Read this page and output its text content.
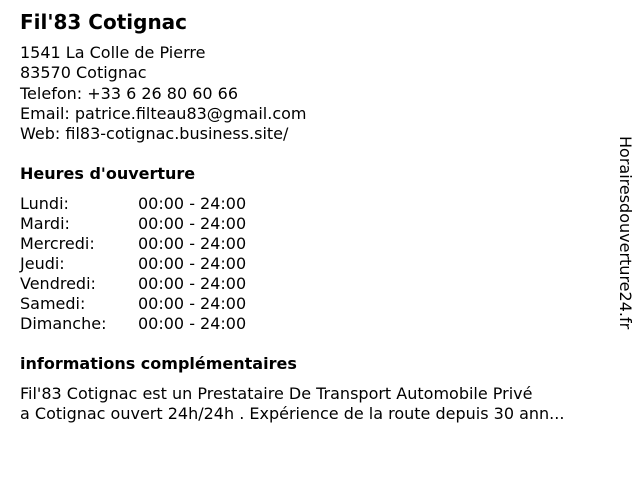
Fil'83 Cotignac
1541 La Colle de Pierre
83570 Cotignac
Telefon: +33 6 26 80 60 66
Email: patrice.filteau83@gmail.com
Web: fil83-cotignac.business.site/
Heures d'ouverture
Lundi:	00:00 - 24:00
Mardi:	00:00 - 24:00
Mercredi:	00:00 - 24:00
Jeudi:	00:00 - 24:00
Vendredi:	00:00 - 24:00
Samedi:	00:00 - 24:00
Dimanche:	00:00 - 24:00
informations complémentaires
Fil'83 Cotignac est un Prestataire De Transport Automobile Privé
a Cotignac ouvert 24h/24h . Expérience de la route depuis 30 ann...
Horairesdouverture24.fr
